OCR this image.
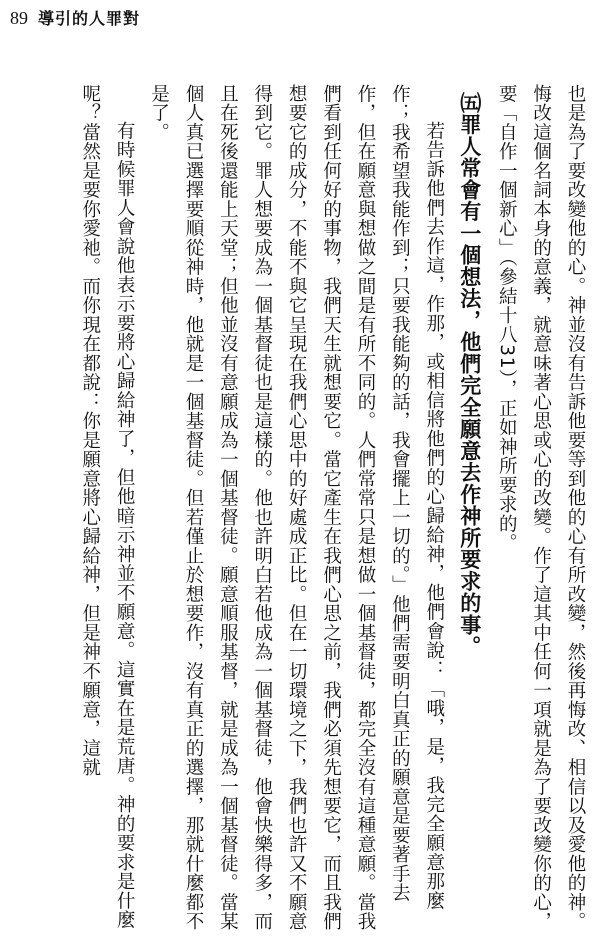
89 導引的人罪對

也是為了要改變他的心。神並沒有告訴他要等到他的心有所改變，然後再悔改、相信以及愛他的神。悔改這個名詞本身的意義，就意味著心思或心的改變。作了這其中任何一項就是為了要改變你的心，要「自作一個新心」（參結十八31），正如神所要求的。

㈤罪人常會有一個想法，他們完全願意去作神所要求的事。

若告訴他們去作這，作那，或相信將他們的心歸給神，他們會說：「哦，是，我完全願意那麼作；我希望我能作到；只要我能夠的話，我會擺上一切的。」他們需要明白真正的願意是要著手去作，但在願意與想做之間是有所不同的。人們常常只是想做一個基督徒，都完全沒有這種意願。當我們看到任何好的事物，我們天生就想要它。當它產生在我們心思之前，我們必須先想要它，而且我們想要它的成分，不能不與它呈現在我們心思中的好處成正比。但在一切環境之下，我們也許又不願意得到它。罪人想要成為一個基督徒也是這樣的。他也許明白若他成為一個基督徒，他會快樂得多，而且在死後還能上天堂；但他並沒有意願成為一個基督徒。願意順服基督，就是成為一個基督徒。當某個人真已選擇要順從神時，他就是一個基督徒。但若僅止於想要作，沒有真正的選擇，那就什麼都不是了。

有時候罪人會說他表示要將心歸給神了，但他暗示神並不願意。這實在是荒唐。神的要求是什麼呢？當然是要你愛祂。而你現在都說：你是願意將心歸給神，但是神不願意，這就
